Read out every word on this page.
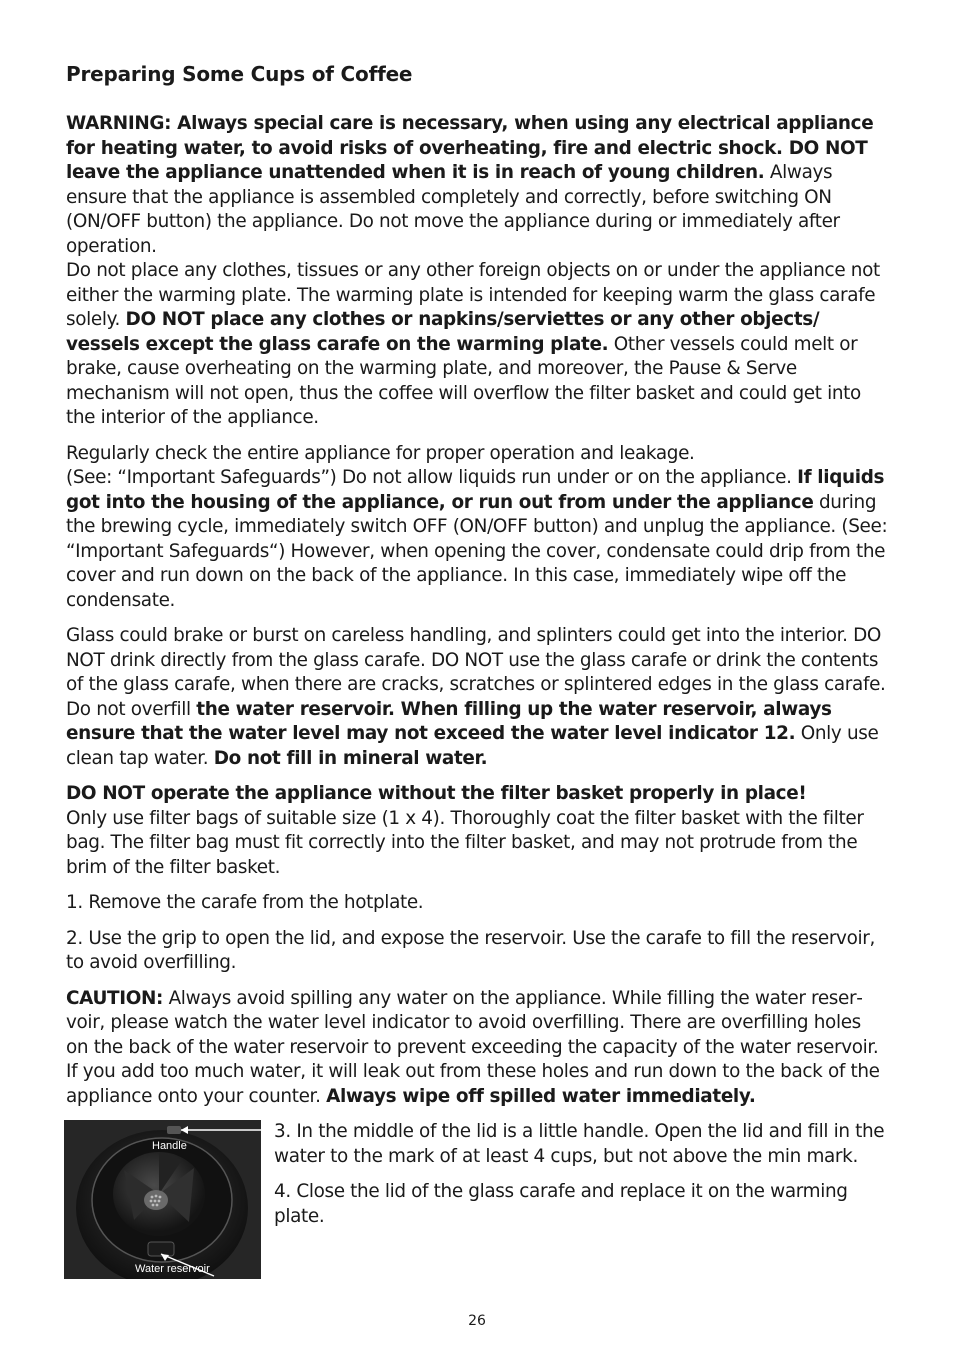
Preparing Some Cups of Coffee

WARNING: Always special care is necessary, when using any electrical appliance for heating water, to avoid risks of overheating, fire and electric shock. DO NOT leave the appliance unattended when it is in reach of young children. Always ensure that the appliance is assembled completely and correctly, before switching ON (ON/OFF button) the appliance. Do not move the appliance during or immediately after operation.

Do not place any clothes, tissues or any other foreign objects on or under the appliance not either the warming plate. The warming plate is intended for keeping warm the glass carafe solely. DO NOT place any clothes or napkins/serviettes or any other objects/ vessels except the glass carafe on the warming plate. Other vessels could melt or brake, cause overheating on the warming plate, and moreover, the Pause & Serve mechanism will not open, thus the coffee will overflow the filter basket and could get into the interior of the appliance.

Regularly check the entire appliance for proper operation and leakage.
(See: “Important Safeguards”) Do not allow liquids run under or on the appliance. If liquids got into the housing of the appliance, or run out from under the appliance during the brewing cycle, immediately switch OFF (ON/OFF button) and unplug the appliance. (See: “Important Safeguards“) However, when opening the cover, condensate could drip from the cover and run down on the back of the appliance. In this case, immediately wipe off the condensate.

Glass could brake or burst on careless handling, and splinters could get into the interior. DO NOT drink directly from the glass carafe. DO NOT use the glass carafe or drink the contents of the glass carafe, when there are cracks, scratches or splintered edges in the glass carafe. Do not overfill the water reservoir. When filling up the water reservoir, always ensure that the water level may not exceed the water level indicator 12. Only use clean tap water. Do not fill in mineral water.

DO NOT operate the appliance without the filter basket properly in place!
Only use filter bags of suitable size (1 x 4). Thoroughly coat the filter basket with the filter bag. The filter bag must fit correctly into the filter basket, and may not protrude from the brim of the filter basket.

1. Remove the carafe from the hotplate.

2. Use the grip to open the lid, and expose the reservoir. Use the carafe to fill the reservoir, to avoid overfilling.

CAUTION: Always avoid spilling any water on the appliance. While filling the water reservoir, please watch the water level indicator to avoid overfilling. There are overfilling holes on the back of the water reservoir to prevent exceeding the capacity of the water reservoir. If you add too much water, it will leak out from these holes and run down to the back of the appliance onto your counter. Always wipe off spilled water immediately.

Handle
Water reservoir

3. In the middle of the lid is a little handle. Open the lid and fill in the water to the mark of at least 4 cups, but not above the min mark.

4. Close the lid of the glass carafe and replace it on the warming plate.

26
